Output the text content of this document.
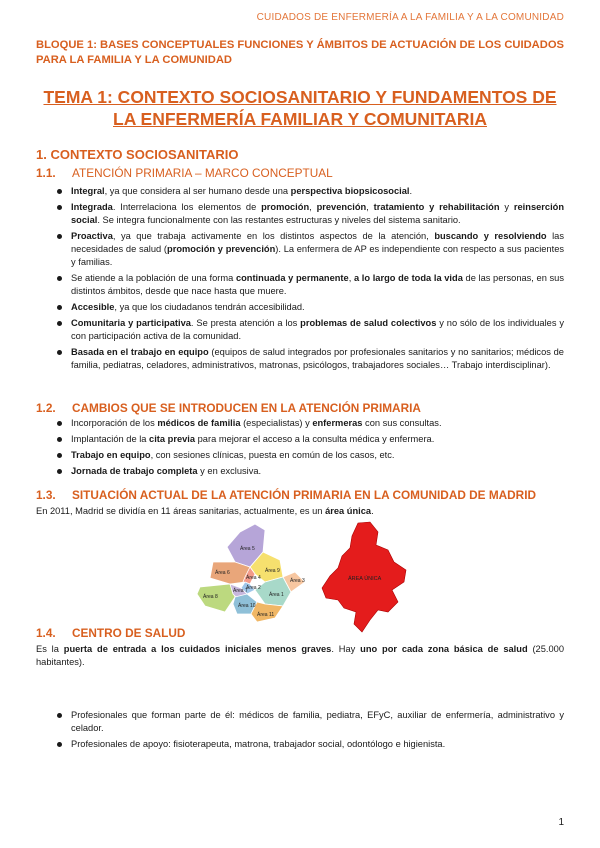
CUIDADOS DE ENFERMERÍA A LA FAMILIA Y A LA COMUNIDAD
BLOQUE 1: BASES CONCEPTUALES FUNCIONES Y ÁMBITOS DE ACTUACIÓN DE LOS CUIDADOS PARA LA FAMILIA Y LA COMUNIDAD
TEMA 1: CONTEXTO SOCIOSANITARIO Y FUNDAMENTOS DE LA ENFERMERÍA FAMILIAR Y COMUNITARIA
1. CONTEXTO SOCIOSANITARIO
1.1. ATENCIÓN PRIMARIA – MARCO CONCEPTUAL
Integral, ya que considera al ser humano desde una perspectiva biopsicosocial.
Integrada. Interrelaciona los elementos de promoción, prevención, tratamiento y rehabilitación y reinserción social. Se integra funcionalmente con las restantes estructuras y niveles del sistema sanitario.
Proactiva, ya que trabaja activamente en los distintos aspectos de la atención, buscando y resolviendo las necesidades de salud (promoción y prevención). La enfermera de AP es independiente con respecto a sus pacientes y familias.
Se atiende a la población de una forma continuada y permanente, a lo largo de toda la vida de las personas, en sus distintos ámbitos, desde que nace hasta que muere.
Accesible, ya que los ciudadanos tendrán accesibilidad.
Comunitaria y participativa. Se presta atención a los problemas de salud colectivos y no sólo de los individuales y con participación activa de la comunidad.
Basada en el trabajo en equipo (equipos de salud integrados por profesionales sanitarios y no sanitarios; médicos de familia, pediatras, celadores, administrativos, matronas, psicólogos, trabajadores sociales… Trabajo interdisciplinar).
1.2. CAMBIOS QUE SE INTRODUCEN EN LA ATENCIÓN PRIMARIA
Incorporación de los médicos de familia (especialistas) y enfermeras con sus consultas.
Implantación de la cita previa para mejorar el acceso a la consulta médica y enfermera.
Trabajo en equipo, con sesiones clínicas, puesta en común de los casos, etc.
Jornada de trabajo completa y en exclusiva.
1.3. SITUACIÓN ACTUAL DE LA ATENCIÓN PRIMARIA EN LA COMUNIDAD DE MADRID
En 2011, Madrid se dividía en 11 áreas sanitarias, actualmente, es un área única.
Área 5
Área 6
Área 8
Área 9
Área 4
Área 2
Área 7
Área 1
Área 10
Área 11
Área 3	ÁREA ÚNICA
1.4. CENTRO DE SALUD
Es la puerta de entrada a los cuidados iniciales menos graves. Hay uno por cada zona básica de salud (25.000 habitantes).
Profesionales que forman parte de él: médicos de familia, pediatra, EFyC, auxiliar de enfermería, administrativo y celador.
Profesionales de apoyo: fisioterapeuta, matrona, trabajador social, odontólogo e higienista.
1
